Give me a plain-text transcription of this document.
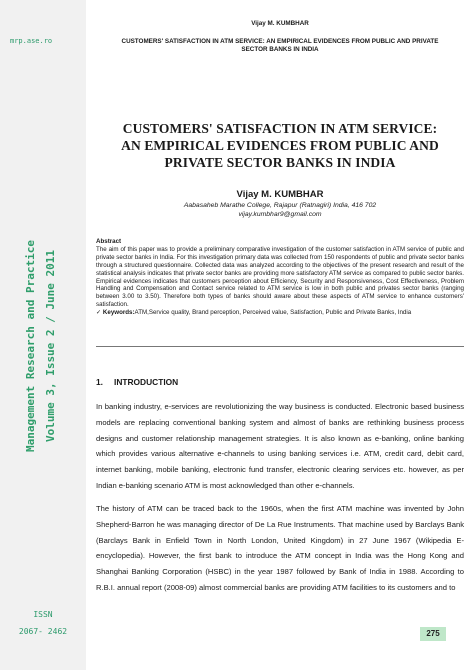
mrp.ase.ro
Management Research and Practice Volume 3, Issue 2 / June 2011
ISSN
2067- 2462
Vijay M. KUMBHAR
CUSTOMERS' SATISFACTION IN ATM SERVICE: AN EMPIRICAL EVIDENCES FROM PUBLIC AND PRIVATE
SECTOR BANKS IN INDIA
CUSTOMERS' SATISFACTION IN ATM SERVICE:
AN EMPIRICAL EVIDENCES FROM PUBLIC AND
PRIVATE SECTOR BANKS IN INDIA
Vijay M. KUMBHAR
Aabasaheb Marathe College, Rajapur (Ratnagiri) India, 416 702
vijay.kumbhar9@gmail.com
Abstract
The aim of this paper was to provide a preliminary comparative investigation of the customer satisfaction in ATM service of public and private sector banks in India. For this investigation primary data was collected from 150 respondents of public and private sector banks through a structured questionnaire. Collected data was analyzed according to the objectives of the present research and result of the statistical analysis indicates that private sector banks are providing more satisfactory ATM service as compared to public sector banks. Empirical evidences indicates that customers perception about Efficiency, Security and Responsiveness, Cost Effectiveness, Problem Handling and Compensation and Contact service related to ATM service is low in both public and privates sector banks (ranging between 3.00 to 3.50). Therefore both types of banks should aware about these aspects of ATM service to enhance customers' satisfaction.
✓ Keywords:ATM,Service quality, Brand perception, Perceived value, Satisfaction, Public and Private Banks, India
1. INTRODUCTION
In banking industry, e-services are revolutionizing the way business is conducted. Electronic based business models are replacing conventional banking system and almost of banks are rethinking business process designs and customer relationship management strategies. It is also known as e-banking, online banking which provides various alternative e-channels to using banking services i.e. ATM, credit card, debit card, internet banking, mobile banking, electronic fund transfer, electronic clearing services etc. however, as per Indian e-banking scenario ATM is most acknowledged than other e-channels.
The history of ATM can be traced back to the 1960s, when the first ATM machine was invented by John Shepherd-Barron he was managing director of De La Rue Instruments. That machine used by Barclays Bank (Barclays Bank in Enfield Town in North London, United Kingdom) in 27 June 1967 (Wikipedia E-encyclopedia). However, the first bank to introduce the ATM concept in India was the Hong Kong and Shanghai Banking Corporation (HSBC) in the year 1987 followed by Bank of India in 1988. According to R.B.I. annual report (2008-09) almost commercial banks are providing ATM facilities to its customers and to
275
